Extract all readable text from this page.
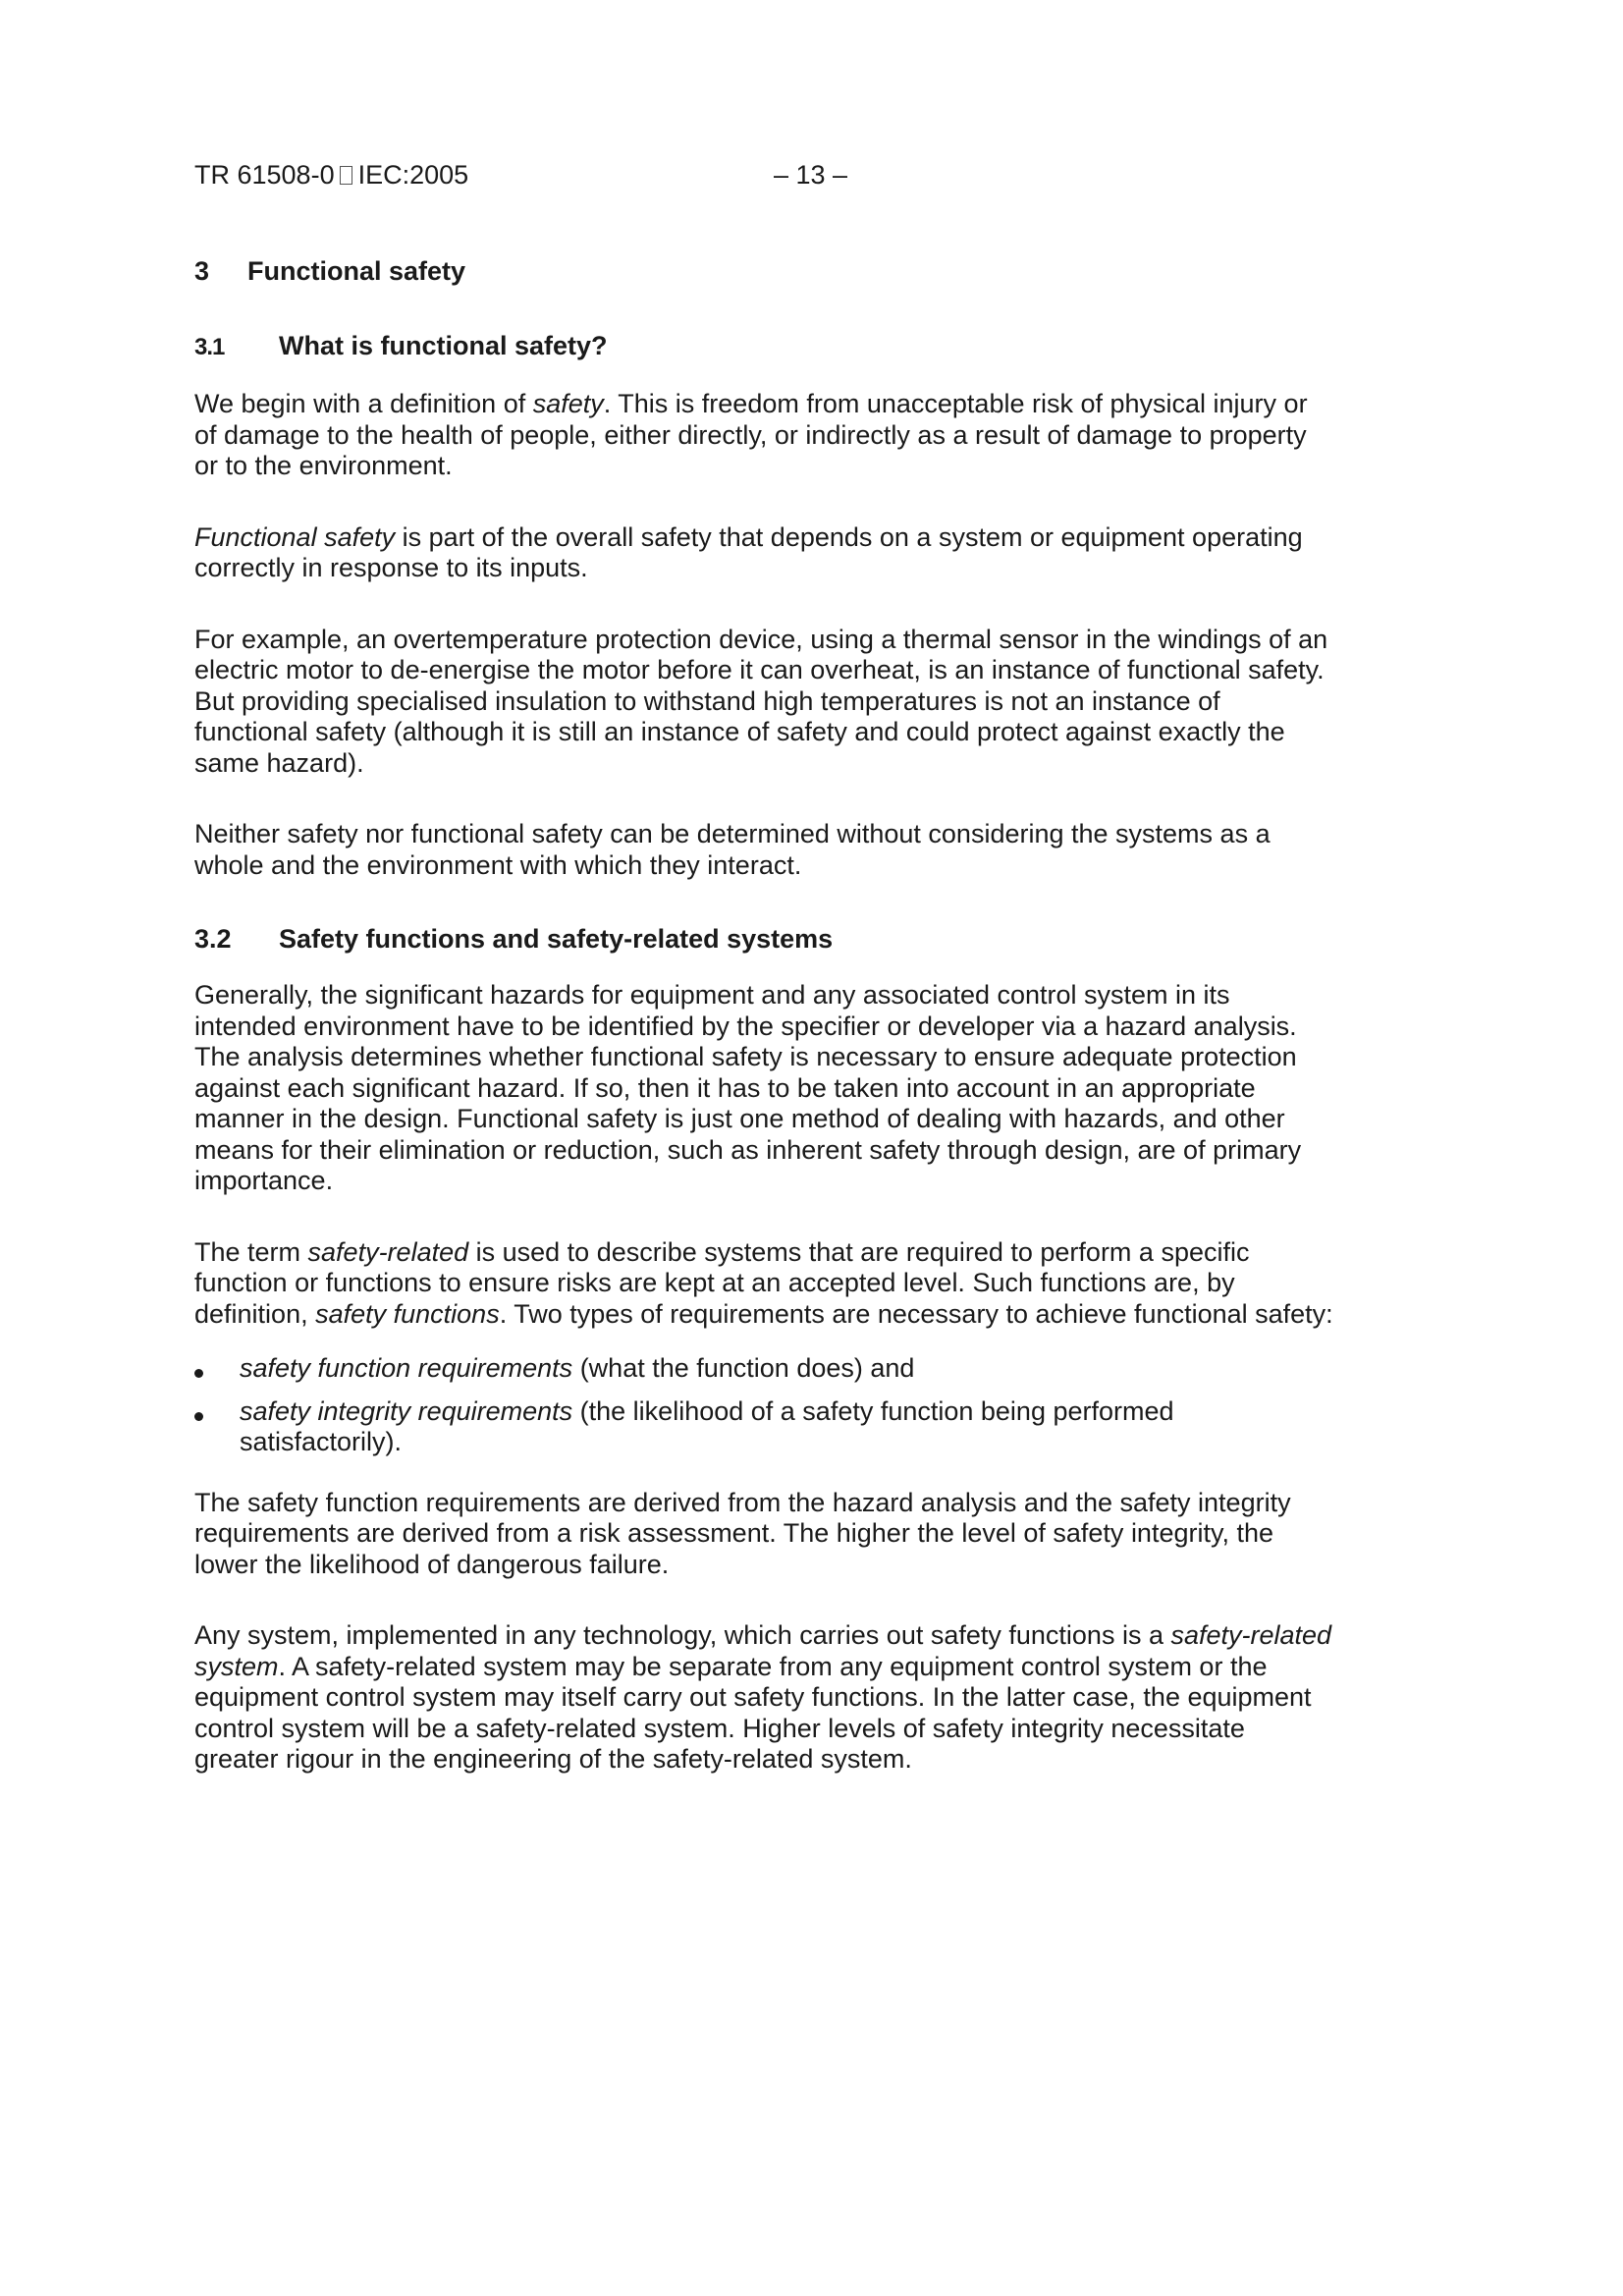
TR 61508-0 IEC:2005	– 13 –
3 Functional safety
3.1 What is functional safety?

We begin with a definition of safety. This is freedom from unacceptable risk of physical injury or of damage to the health of people, either directly, or indirectly as a result of damage to property or to the environment.

Functional safety is part of the overall safety that depends on a system or equipment operating correctly in response to its inputs.

For example, an overtemperature protection device, using a thermal sensor in the windings of an electric motor to de-energise the motor before it can overheat, is an instance of functional safety. But providing specialised insulation to withstand high temperatures is not an instance of functional safety (although it is still an instance of safety and could protect against exactly the same hazard).

Neither safety nor functional safety can be determined without considering the systems as a whole and the environment with which they interact.

3.2 Safety functions and safety-related systems

Generally, the significant hazards for equipment and any associated control system in its intended environment have to be identified by the specifier or developer via a hazard analysis. The analysis determines whether functional safety is necessary to ensure adequate protection against each significant hazard. If so, then it has to be taken into account in an appropriate manner in the design. Functional safety is just one method of dealing with hazards, and other means for their elimination or reduction, such as inherent safety through design, are of primary importance.

The term safety-related is used to describe systems that are required to perform a specific function or functions to ensure risks are kept at an accepted level. Such functions are, by definition, safety functions. Two types of requirements are necessary to achieve functional safety:

safety function requirements (what the function does) and
safety integrity requirements (the likelihood of a safety function being performed satisfactorily).

The safety function requirements are derived from the hazard analysis and the safety integrity requirements are derived from a risk assessment. The higher the level of safety integrity, the lower the likelihood of dangerous failure.

Any system, implemented in any technology, which carries out safety functions is a safety-related system. A safety-related system may be separate from any equipment control system or the equipment control system may itself carry out safety functions. In the latter case, the equipment control system will be a safety-related system. Higher levels of safety integrity necessitate greater rigour in the engineering of the safety-related system.
